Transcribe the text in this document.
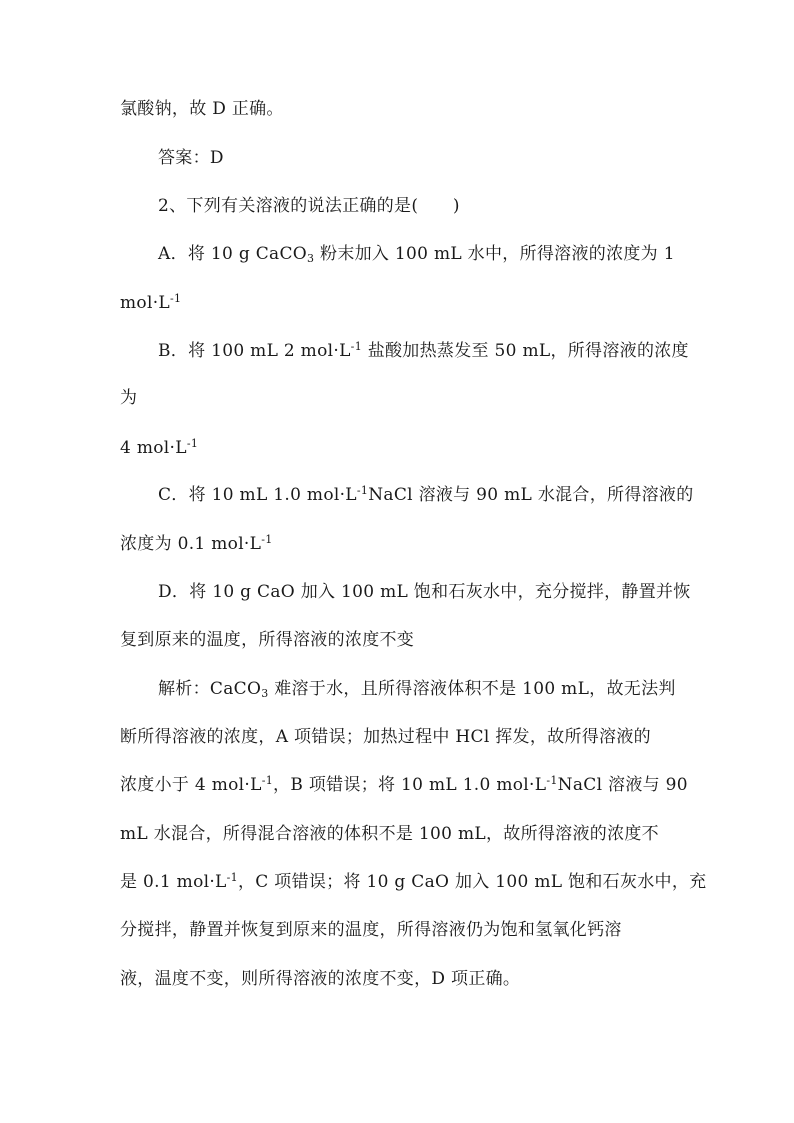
氯酸钠，故 D 正确。
答案：D
2、下列有关溶液的说法正确的是(　　)
A．将 10 g CaCO$_3$ 粉末加入 100 mL 水中，所得溶液的浓度为 1
$mol\cdot L^{-1}$
B．将 100 mL 2 $mol\cdot L^{-1}$ 盐酸加热蒸发至 50 mL，所得溶液的浓度
为
4 $mol\cdot L^{-1}$
C．将 10 mL 1.0 $mol\cdot L^{-1}NaCl$ 溶液与 90 mL 水混合，所得溶液的
浓度为 0.1 $mol\cdot L^{-1}$
D．将 10 g CaO 加入 100 mL 饱和石灰水中，充分搅拌，静置并恢
复到原来的温度，所得溶液的浓度不变
解析：CaCO$_3$ 难溶于水，且所得溶液体积不是 100 mL，故无法判
断所得溶液的浓度，A 项错误；加热过程中 HCl 挥发，故所得溶液的
浓度小于 4 $mol\cdot L^{-1}$，B 项错误；将 10 mL 1.0 $mol\cdot L^{-1}NaCl$ 溶液与 90
mL 水混合，所得混合溶液的体积不是 100 mL，故所得溶液的浓度不
是 0.1 $mol\cdot L^{-1}$，C 项错误；将 10 g CaO 加入 100 mL 饱和石灰水中，充
分搅拌，静置并恢复到原来的温度，所得溶液仍为饱和氢氧化钙溶
液，温度不变，则所得溶液的浓度不变，D 项正确。
